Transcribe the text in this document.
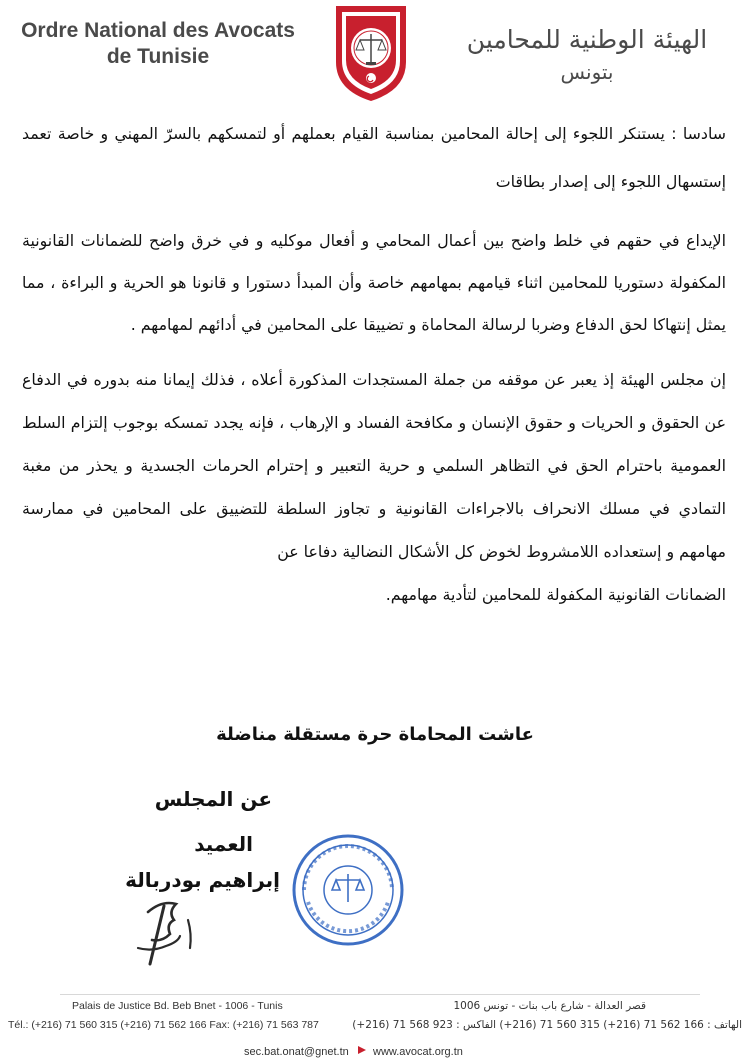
Ordre National des Avocats
de Tunisie
الهيئة الوطنية للمحامين
بتونس
سادسا : يستنكر اللجوء إلى إحالة المحامين بمناسبة القيام بعملهم أو لتمسكهم بالسرّ المهني و خاصة تعمد إستسهال اللجوء إلى إصدار بطاقات
الإيداع في حقهم في خلط واضح بين أعمال المحامي و أفعال موكليه و في خرق واضح للضمانات القانونية المكفولة دستوريا للمحامين اثناء قيامهم بمهامهم خاصة وأن المبدأ دستورا و قانونا هو الحرية و البراءة ، مما يمثل إنتهاكا لحق الدفاع وضربا لرسالة المحاماة و تضييقا على المحامين في أدائهم لمهامهم .
إن مجلس الهيئة إذ يعبر عن موقفه من جملة المستجدات المذكورة أعلاه ، فذلك إيمانا منه بدوره في الدفاع عن الحقوق و الحريات و حقوق الإنسان و مكافحة الفساد و الإرهاب ، فإنه يجدد تمسكه بوجوب إلتزام السلط العمومية باحترام الحق في التظاهر السلمي و حرية التعبير و إحترام الحرمات الجسدية و يحذر من مغبة التمادي في مسلك الانحراف بالاجراءات القانونية و تجاوز السلطة للتضييق على المحامين في ممارسة مهامهم و إستعداده اللامشروط لخوض كل الأشكال النضالية دفاعا عن
الضمانات القانونية المكفولة للمحامين لتأدية مهامهم.
عاشت المحاماة حرة مستقلة مناضلة
عن المجلس
العميد
إبراهيم بودربالة
Palais de Justice Bd. Beb Bnet - 1006 - Tunis
Tél.: (+216) 71 560 315 (+216) 71 562 166 Fax: (+216) 71 563 787
قصر العدالة - شارع باب بنات - تونس 1006
الهاتف : 166 562 71 (216+) 315 560 71 (216+) الفاكس : 923 568 71 (216+)
sec.bat.onat@gnet.tn www.avocat.org.tn
